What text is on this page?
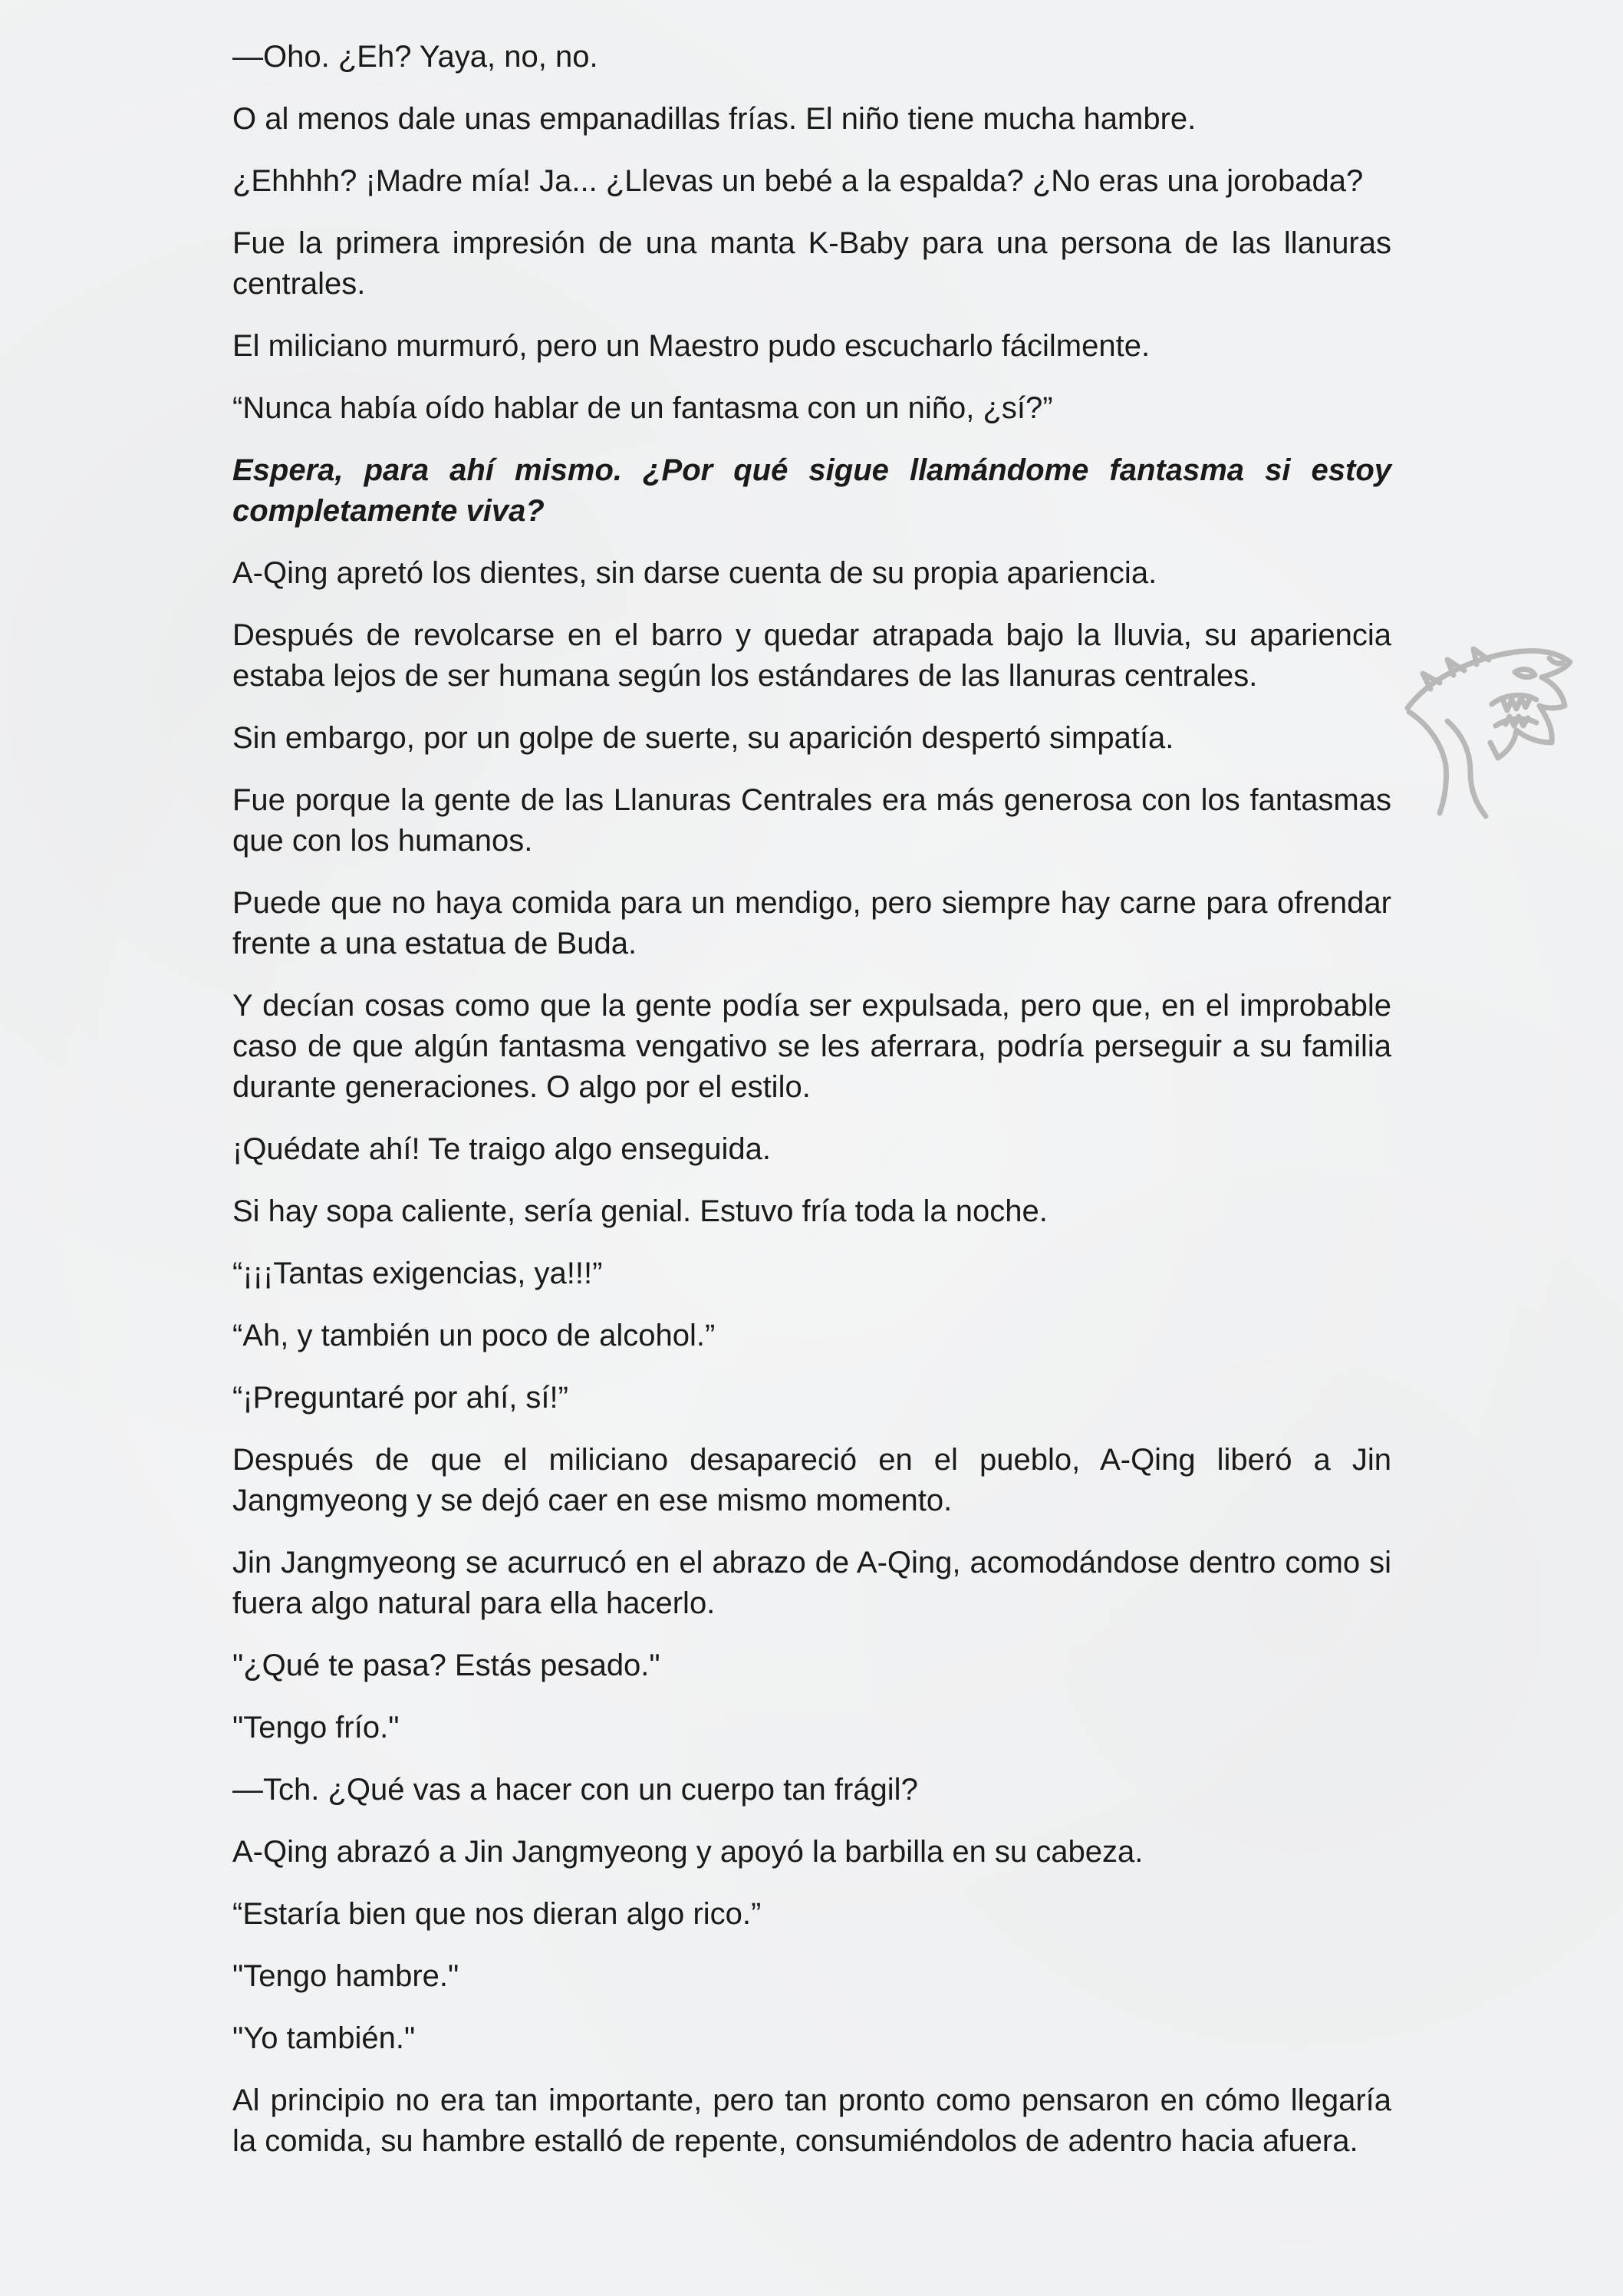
—Oho. ¿Eh? Yaya, no, no.

O al menos dale unas empanadillas frías. El niño tiene mucha hambre.

¿Ehhhh? ¡Madre mía! Ja... ¿Llevas un bebé a la espalda? ¿No eras una jorobada?

Fue la primera impresión de una manta K-Baby para una persona de las llanuras centrales.

El miliciano murmuró, pero un Maestro pudo escucharlo fácilmente.

“Nunca había oído hablar de un fantasma con un niño, ¿sí?”

Espera, para ahí mismo. ¿Por qué sigue llamándome fantasma si estoy completamente viva?

A-Qing apretó los dientes, sin darse cuenta de su propia apariencia.

Después de revolcarse en el barro y quedar atrapada bajo la lluvia, su apariencia estaba lejos de ser humana según los estándares de las llanuras centrales.

Sin embargo, por un golpe de suerte, su aparición despertó simpatía.

Fue porque la gente de las Llanuras Centrales era más generosa con los fantasmas que con los humanos.

Puede que no haya comida para un mendigo, pero siempre hay carne para ofrendar frente a una estatua de Buda.

Y decían cosas como que la gente podía ser expulsada, pero que, en el improbable caso de que algún fantasma vengativo se les aferrara, podría perseguir a su familia durante generaciones. O algo por el estilo.

¡Quédate ahí! Te traigo algo enseguida.

Si hay sopa caliente, sería genial. Estuvo fría toda la noche.

“¡¡¡Tantas exigencias, ya!!!”

“Ah, y también un poco de alcohol.”

“¡Preguntaré por ahí, sí!”

Después de que el miliciano desapareció en el pueblo, A-Qing liberó a Jin Jangmyeong y se dejó caer en ese mismo momento.

Jin Jangmyeong se acurrucó en el abrazo de A-Qing, acomodándose dentro como si fuera algo natural para ella hacerlo.

"¿Qué te pasa? Estás pesado."

"Tengo frío."

—Tch. ¿Qué vas a hacer con un cuerpo tan frágil?

A-Qing abrazó a Jin Jangmyeong y apoyó la barbilla en su cabeza.

“Estaría bien que nos dieran algo rico.”

"Tengo hambre."

"Yo también."

Al principio no era tan importante, pero tan pronto como pensaron en cómo llegaría la comida, su hambre estalló de repente, consumiéndolos de adentro hacia afuera.
